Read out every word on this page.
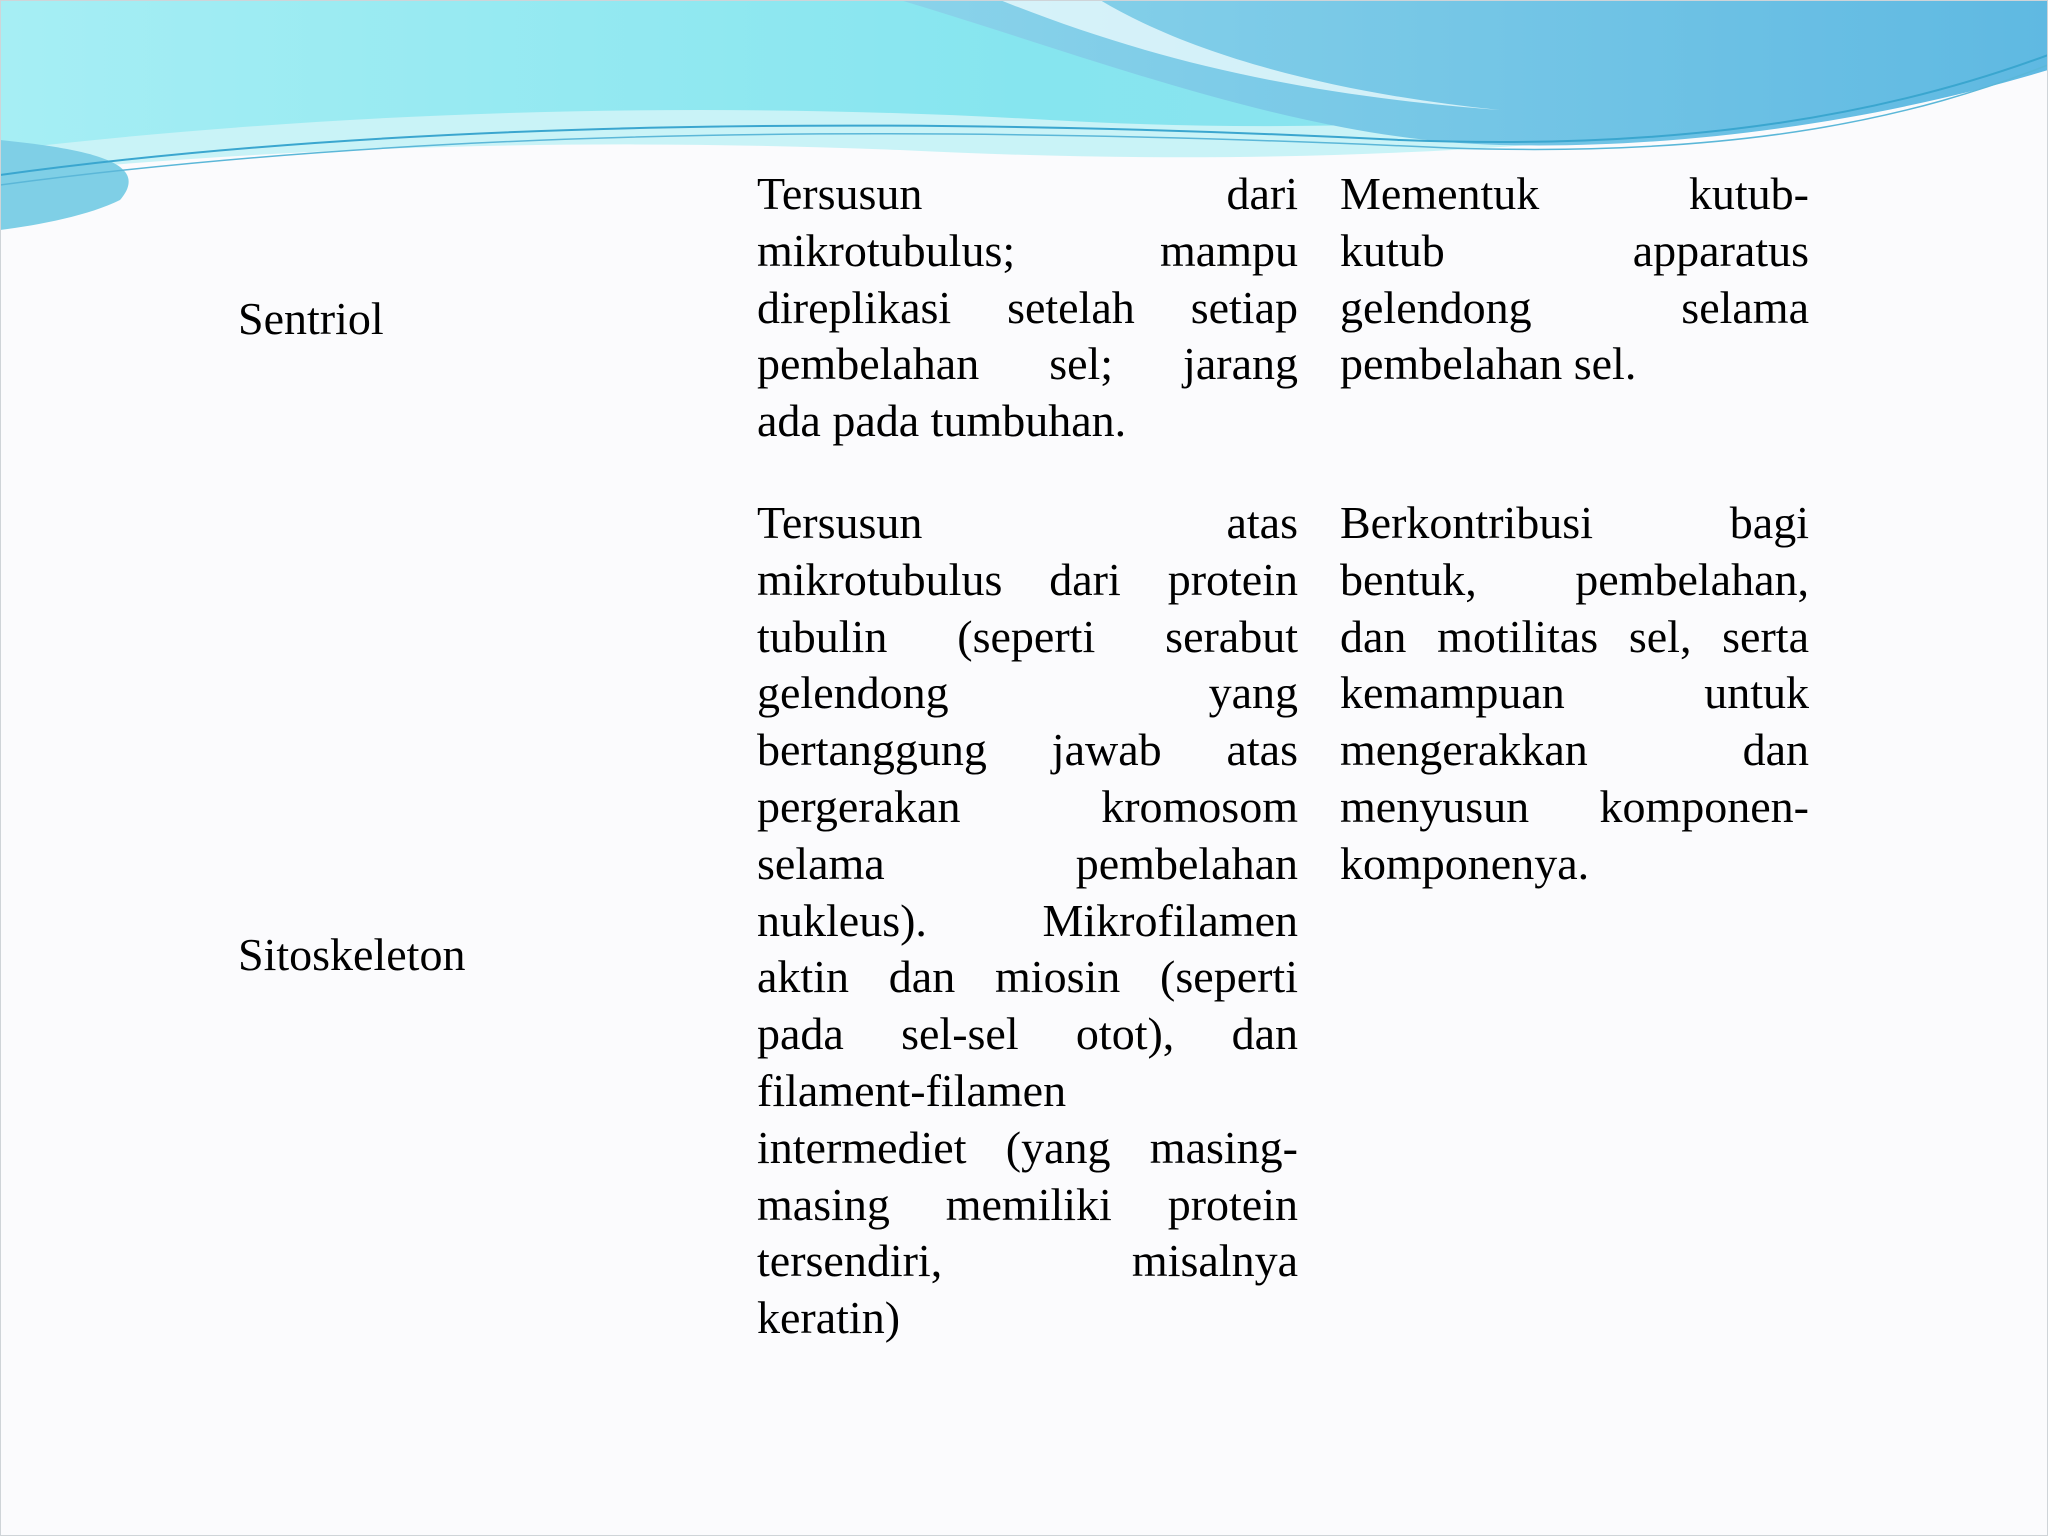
Sentriol
Tersusun dari
mikrotubulus; mampu
direplikasi setelah setiap
pembelahan sel; jarang
ada pada tumbuhan.
Mementuk kutub-
kutub apparatus
gelendong selama
pembelahan sel.
Sitoskeleton
Tersusun atas
mikrotubulus dari protein
tubulin (seperti serabut
gelendong yang
bertanggung jawab atas
pergerakan kromosom
selama pembelahan
nukleus). Mikrofilamen
aktin dan miosin (seperti
pada sel-sel otot), dan
filament-filamen
intermediet (yang masing-
masing memiliki protein
tersendiri, misalnya
keratin)
Berkontribusi bagi
bentuk, pembelahan,
dan motilitas sel, serta
kemampuan untuk
mengerakkan dan
menyusun komponen-
komponenya.
